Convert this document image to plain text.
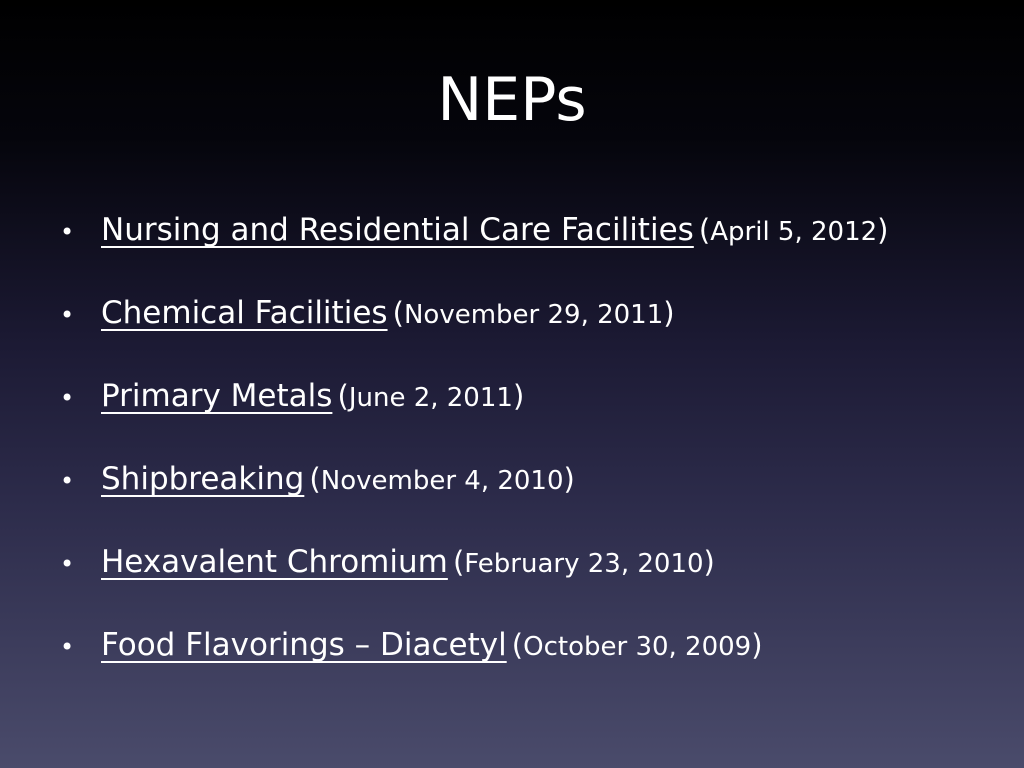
NEPs
• Nursing and Residential Care Facilities (April 5, 2012)
• Chemical Facilities (November 29, 2011)
• Primary Metals (June 2, 2011)
• Shipbreaking (November 4, 2010)
• Hexavalent Chromium (February 23, 2010)
• Food Flavorings – Diacetyl (October 30, 2009)
